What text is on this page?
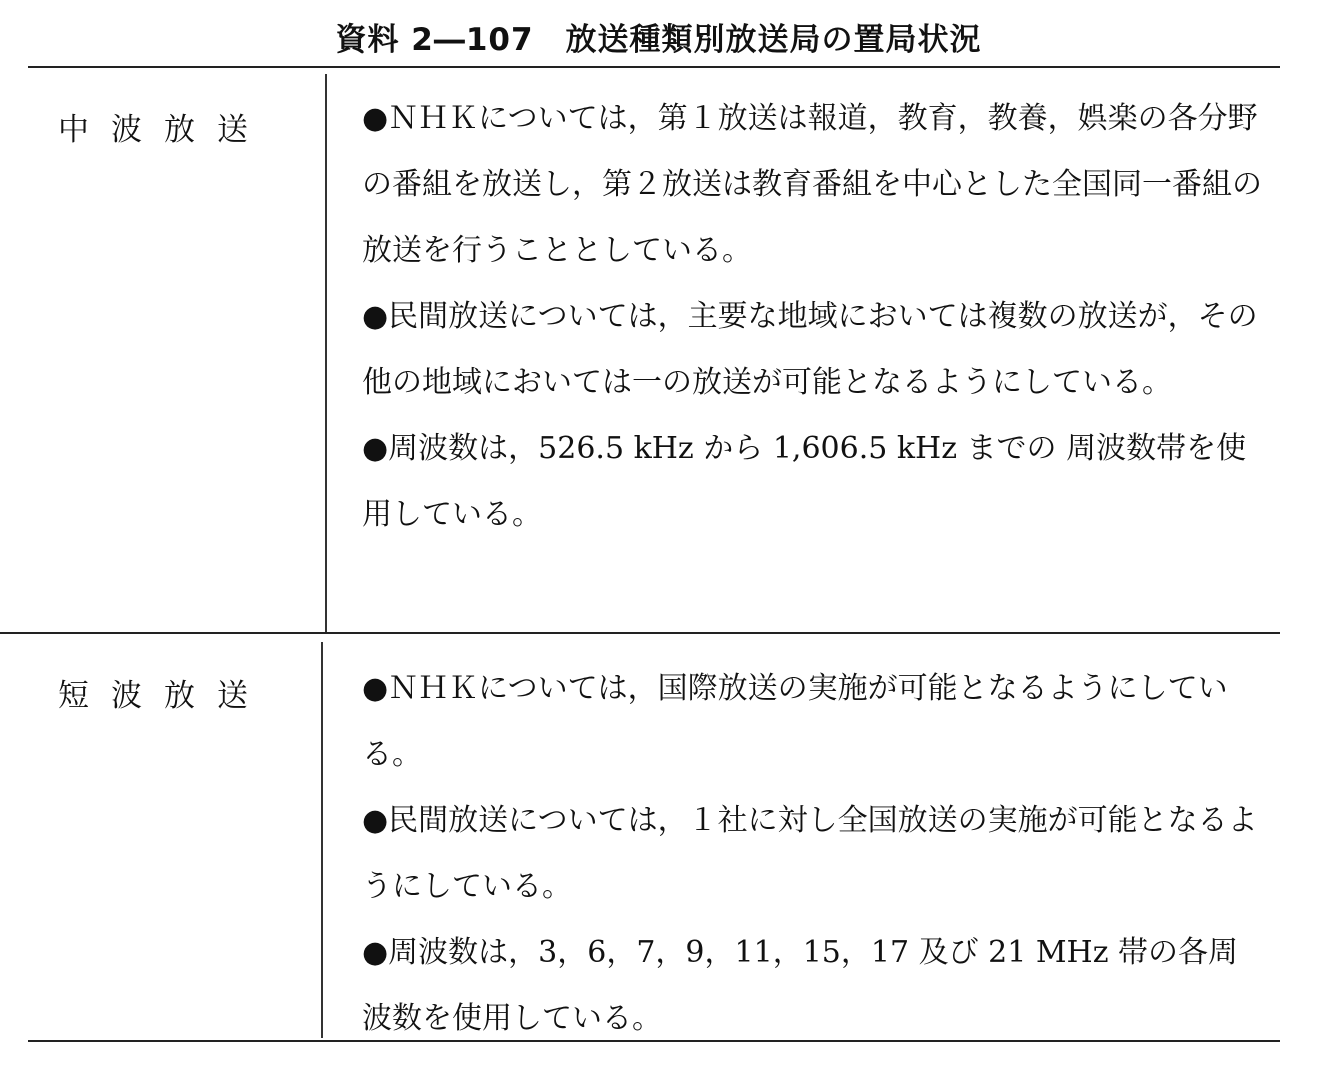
資料 2―107　放送種類別放送局の置局状況
中波放送	●ＮＨＫについては，第１放送は報道，教育，教養，娯楽の各分野の番組を放送し，第２放送は教育番組を中心とした全国同一番組の放送を行うこととしている。

●民間放送については，主要な地域においては複数の放送が，その他の地域においては一の放送が可能となるようにしている。

●周波数は，526.5 kHz から 1,606.5 kHz までの 周波数帯を使用している。

短波放送	●ＮＨＫについては，国際放送の実施が可能となるようにしている。

●民間放送については，１社に対し全国放送の実施が可能となるようにしている。

●周波数は，3，6，7，9，11，15，17 及び 21 MHz 帯の各周波数を使用している。
